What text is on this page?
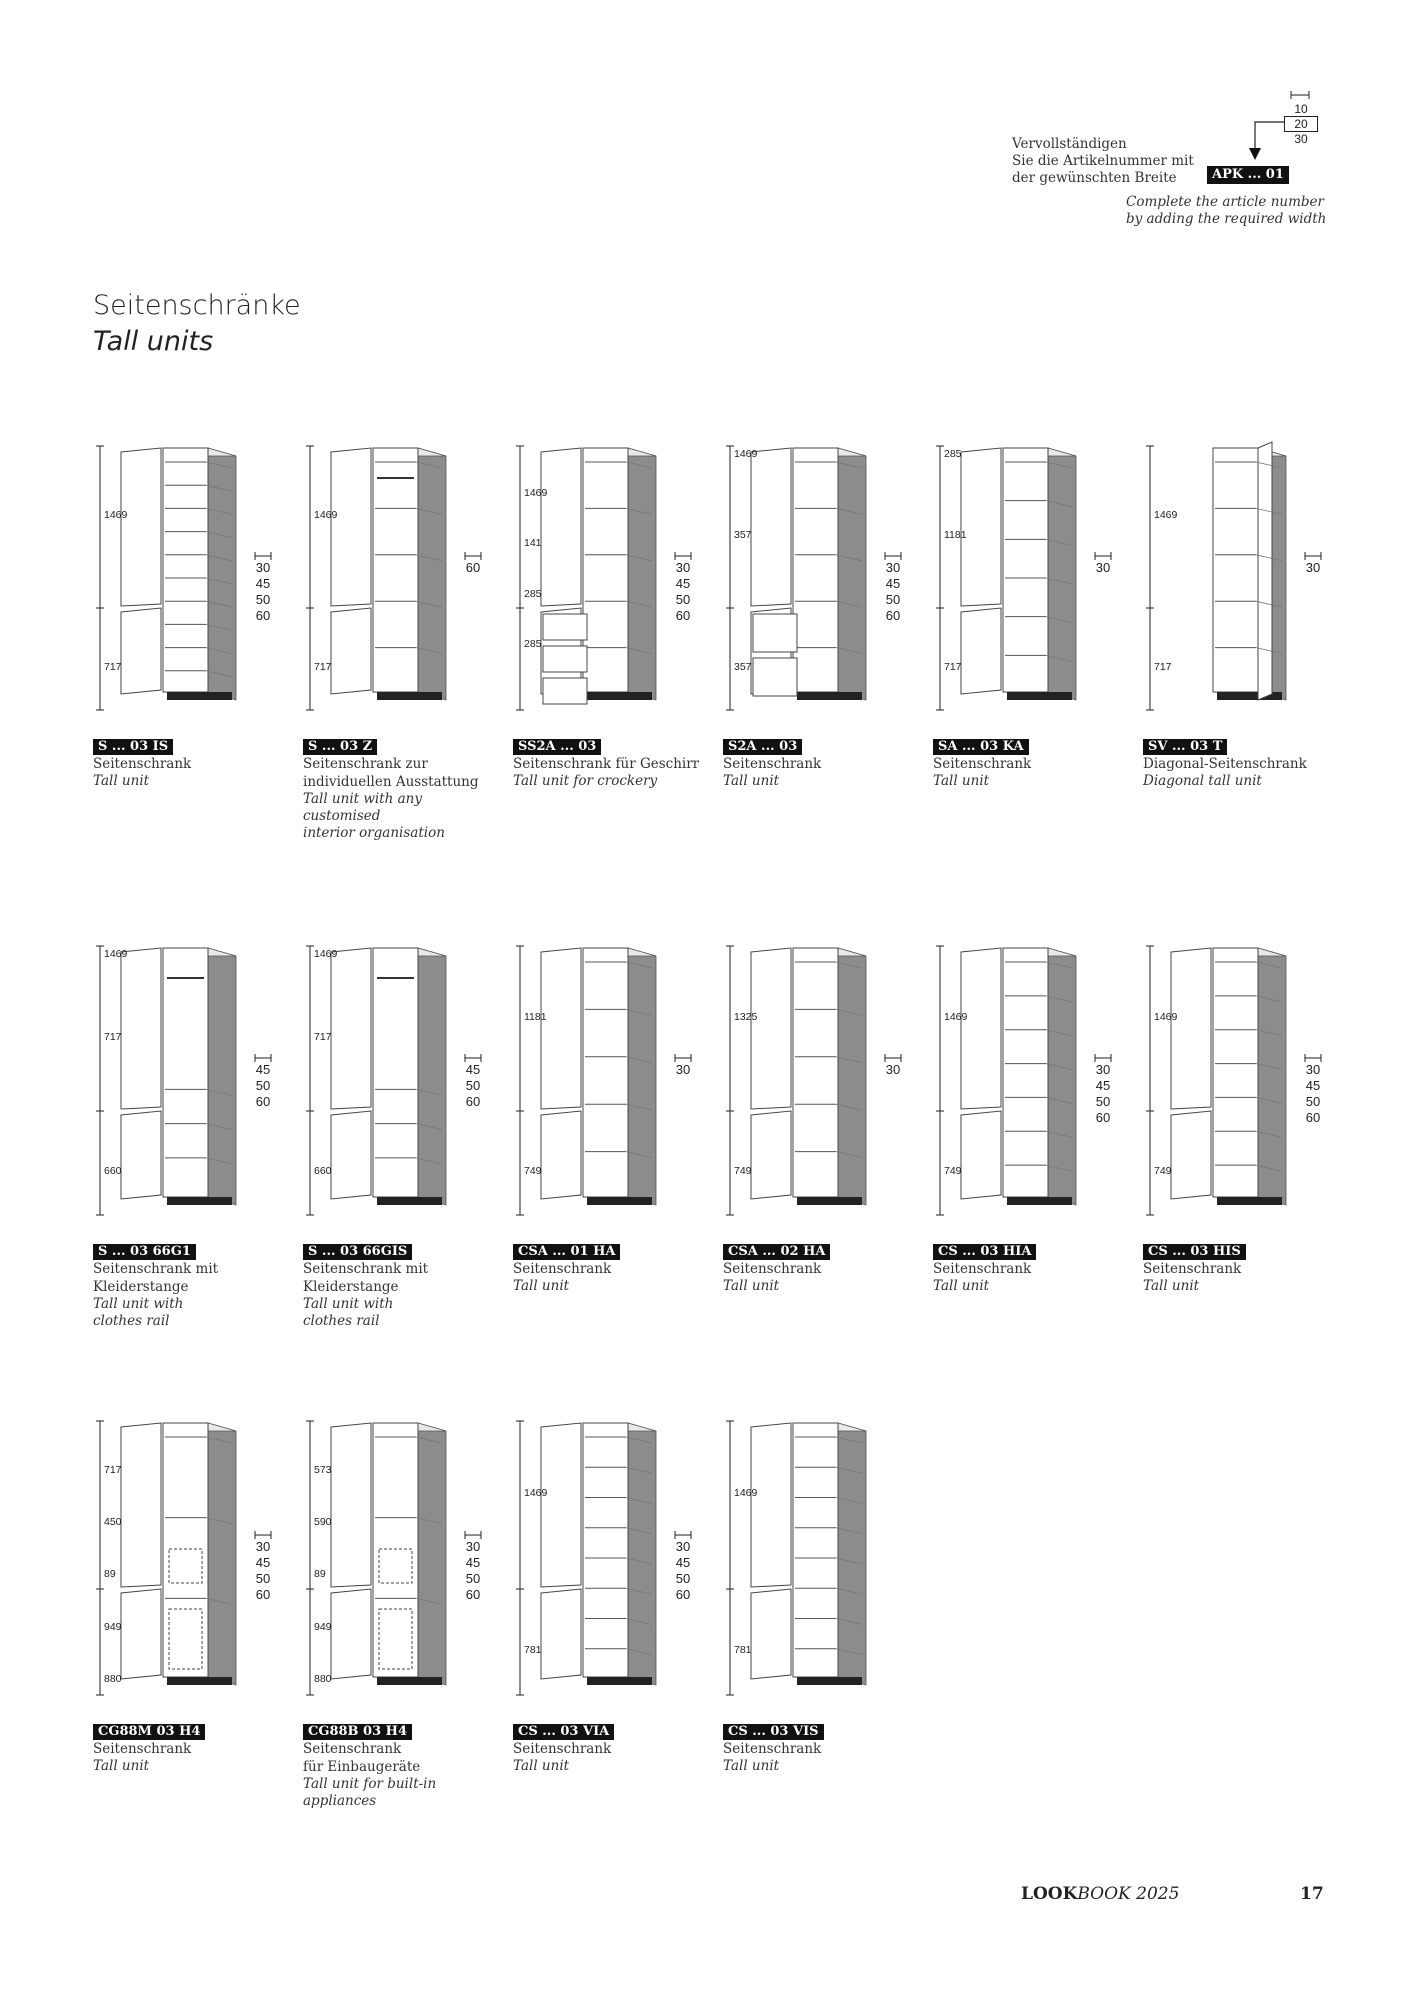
Vervollständigen
Sie die Artikelnummer mit
der gewünschten Breite	APK ... 01
10
20
30
Complete the article number
by adding the required width
Seitenschränke
Tall units
1469
717
30
45
50
60
S ... 03 IS
Seitenschrank
Tall unit
1469
717
60
S ... 03 Z
Seitenschrank zur
individuellen Ausstattung
Tall unit with any customised
interior organisation
1469
141
285
285
30
45
50
60
SS2A ... 03
Seitenschrank für Geschirr
Tall unit for crockery
1469
357
357
30
45
50
60
S2A ... 03
Seitenschrank
Tall unit
285
1181
717
30
SA ... 03 KA
Seitenschrank
Tall unit
1469
717
30
SV ... 03 T
Diagonal-Seitenschrank
Diagonal tall unit
1469
717
660
45
50
60
S ... 03 66G1
Seitenschrank mit
Kleiderstange
Tall unit with
clothes rail
1469
717
660
45
50
60
S ... 03 66GIS
Seitenschrank mit
Kleiderstange
Tall unit with
clothes rail
1181
749
30
CSA ... 01 HA
Seitenschrank
Tall unit
1325
749
30
CSA ... 02 HA
Seitenschrank
Tall unit
1469
749
30
45
50
60
CS ... 03 HIA
Seitenschrank
Tall unit
1469
749
30
45
50
60
CS ... 03 HIS
Seitenschrank
Tall unit
717
450
89
949
880
30
45
50
60
CG88M 03 H4
Seitenschrank
Tall unit
573
590
89
949
880
30
45
50
60
CG88B 03 H4
Seitenschrank
für Einbaugeräte
Tall unit for built-in
appliances
1469
781
30
45
50
60
CS ... 03 VIA
Seitenschrank
Tall unit
1469
781
CS ... 03 VIS
Seitenschrank
Tall unit
LOOKBOOK 2025	17
